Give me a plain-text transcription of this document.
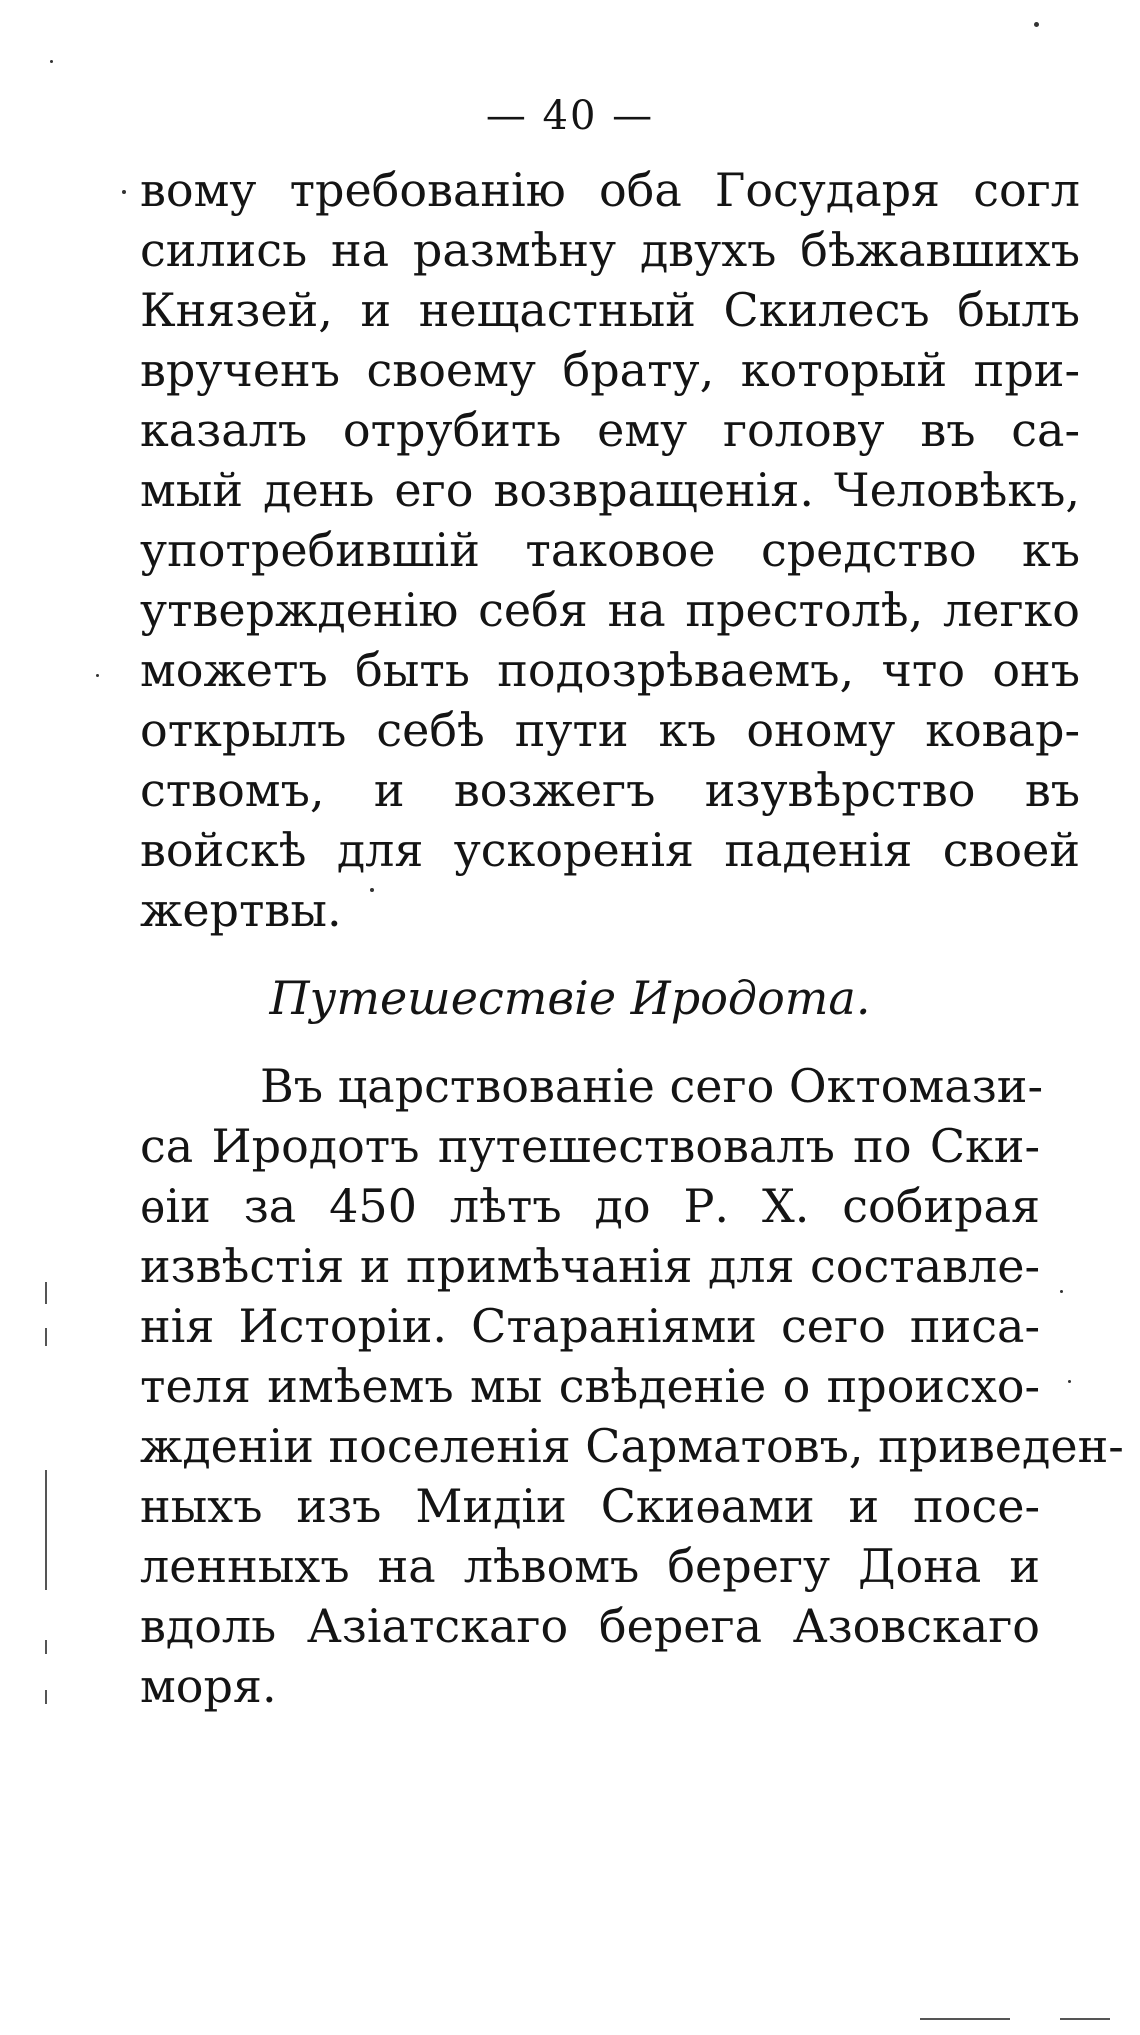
— 40 —
вому требованію оба Государя согл
сились на размѣну двухъ бѣжавшихъ
Князей, и нещастный Скилесъ былъ
врученъ своему брату, который при-
казалъ отрубить ему голову въ са-
мый день его возвращенія. Человѣкъ,
употребившій таковое средство къ
утвержденію себя на престолѣ, легко
можетъ быть подозрѣваемъ, что онъ
открылъ себѣ пути къ оному ковар-
ствомъ, и возжегъ изувѣрство въ
войскѣ для ускоренія паденія своей
жертвы.
Путешествіе Иродота.
Въ царствованіе сего Октомази-
са Иродотъ путешествовалъ по Ски-
ѳіи за 450 лѣтъ до Р. Х. собирая
извѣстія и примѣчанія для составле-
нія Исторіи. Стараніями сего писа-
теля имѣемъ мы свѣденіе о происхо-
жденіи поселенія Сарматовъ, приведен-
ныхъ изъ Мидіи Скиѳами и посе-
ленныхъ на лѣвомъ берегу Дона и
вдоль Азіатскаго берега Азовскаго
моря.
